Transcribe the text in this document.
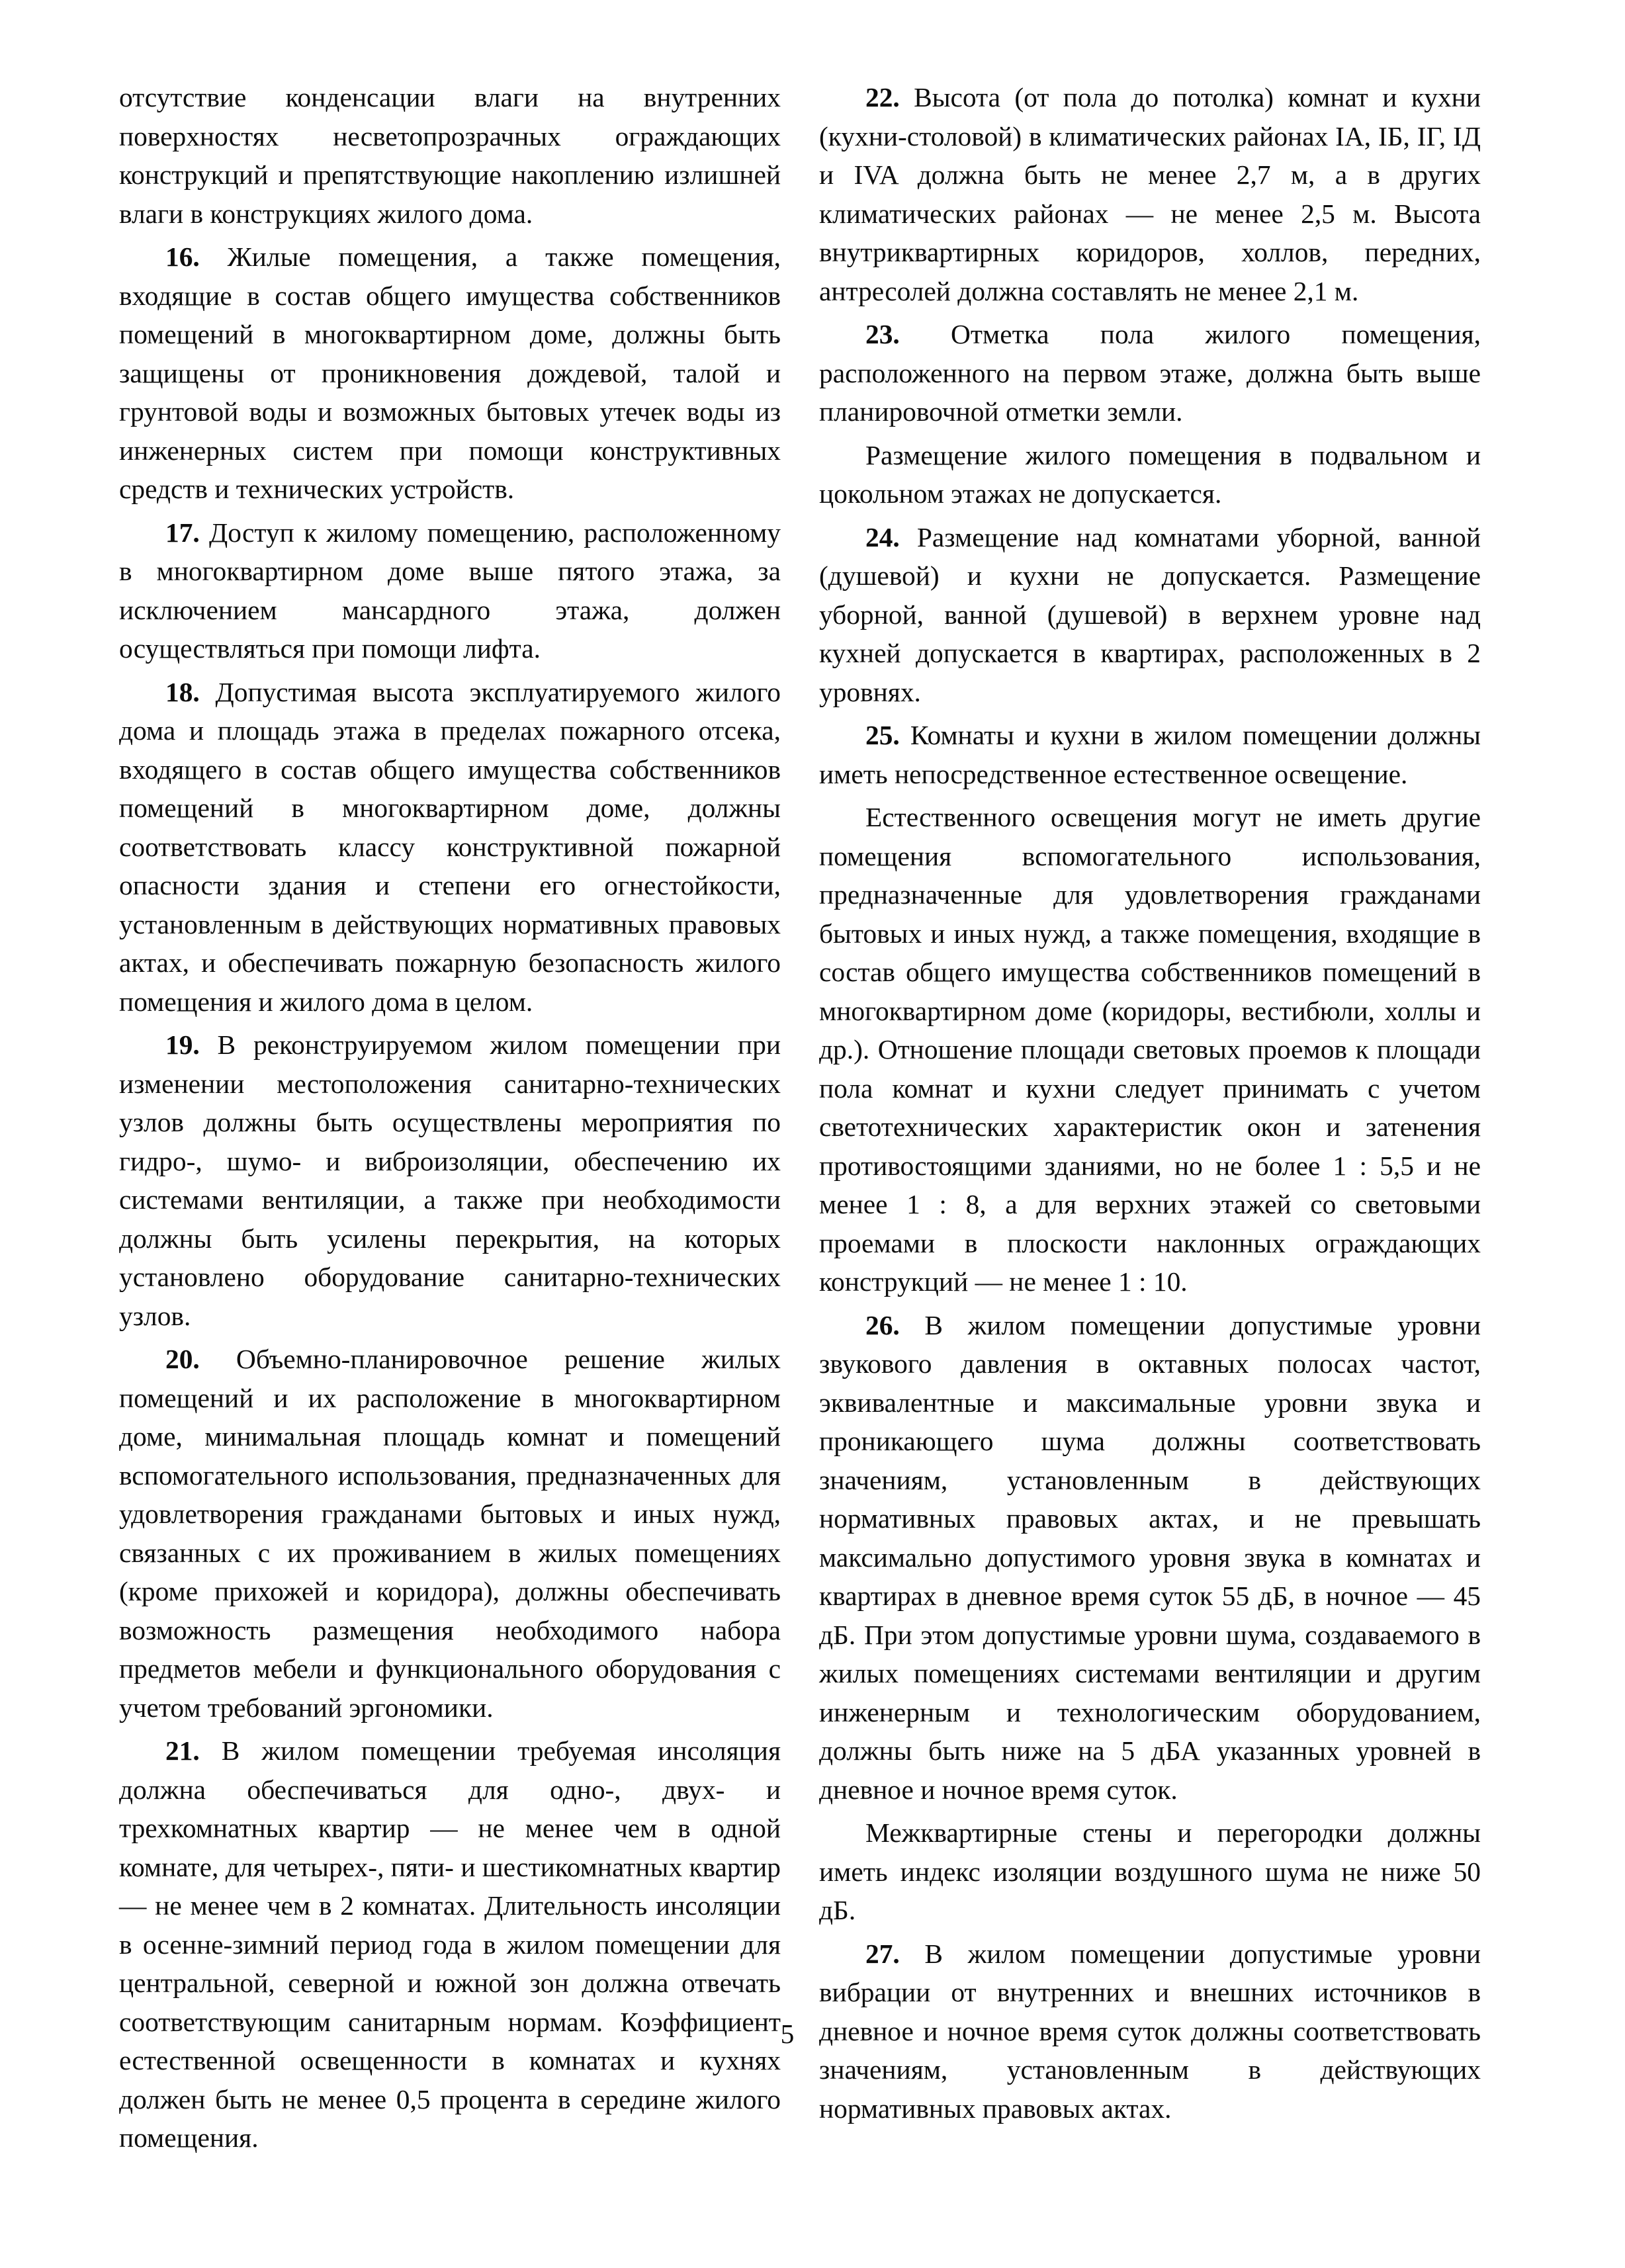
отсутствие конденсации влаги на внутренних поверхностях несветопрозрачных ограждающих конструкций и препятствующие накоплению излишней влаги в конструкциях жилого дома.

16. Жилые помещения, а также помещения, входящие в состав общего имущества собственников помещений в многоквартирном доме, должны быть защищены от проникновения дождевой, талой и грунтовой воды и возможных бытовых утечек воды из инженерных систем при помощи конструктивных средств и технических устройств.

17. Доступ к жилому помещению, расположенному в многоквартирном доме выше пятого этажа, за исключением мансардного этажа, должен осуществляться при помощи лифта.

18. Допустимая высота эксплуатируемого жилого дома и площадь этажа в пределах пожарного отсека, входящего в состав общего имущества собственников помещений в многоквартирном доме, должны соответствовать классу конструктивной пожарной опасности здания и степени его огнестойкости, установленным в действующих нормативных правовых актах, и обеспечивать пожарную безопасность жилого помещения и жилого дома в целом.

19. В реконструируемом жилом помещении при изменении местоположения санитарно-технических узлов должны быть осуществлены мероприятия по гидро-, шумо- и виброизоляции, обеспечению их системами вентиляции, а также при необходимости должны быть усилены перекрытия, на которых установлено оборудование санитарно-технических узлов.

20. Объемно-планировочное решение жилых помещений и их расположение в многоквартирном доме, минимальная площадь комнат и помещений вспомогательного использования, предназначенных для удовлетворения гражданами бытовых и иных нужд, связанных с их проживанием в жилых помещениях (кроме прихожей и коридора), должны обеспечивать возможность размещения необходимого набора предметов мебели и функционального оборудования с учетом требований эргономики.

21. В жилом помещении требуемая инсоляция должна обеспечиваться для одно-, двух- и трехкомнатных квартир — не менее чем в одной комнате, для четырех-, пяти- и шестикомнатных квартир — не менее чем в 2 комнатах. Длительность инсоляции в осенне-зимний период года в жилом помещении для центральной, северной и южной зон должна отвечать соответствующим санитарным нормам. Коэффициент естественной освещенности в комнатах и кухнях должен быть не менее 0,5 процента в середине жилого помещения.

22. Высота (от пола до потолка) комнат и кухни (кухни-столовой) в климатических районах IA, IБ, IГ, IД и IVA должна быть не менее 2,7 м, а в других климатических районах — не менее 2,5 м. Высота внутриквартирных коридоров, холлов, передних, антресолей должна составлять не менее 2,1 м.

23. Отметка пола жилого помещения, расположенного на первом этаже, должна быть выше планировочной отметки земли.

Размещение жилого помещения в подвальном и цокольном этажах не допускается.

24. Размещение над комнатами уборной, ванной (душевой) и кухни не допускается. Размещение уборной, ванной (душевой) в верхнем уровне над кухней допускается в квартирах, расположенных в 2 уровнях.

25. Комнаты и кухни в жилом помещении должны иметь непосредственное естественное освещение.

Естественного освещения могут не иметь другие помещения вспомогательного использования, предназначенные для удовлетворения гражданами бытовых и иных нужд, а также помещения, входящие в состав общего имущества собственников помещений в многоквартирном доме (коридоры, вестибюли, холлы и др.). Отношение площади световых проемов к площади пола комнат и кухни следует принимать с учетом светотехнических характеристик окон и затенения противостоящими зданиями, но не более 1 : 5,5 и не менее 1 : 8, а для верхних этажей со световыми проемами в плоскости наклонных ограждающих конструкций — не менее 1 : 10.

26. В жилом помещении допустимые уровни звукового давления в октавных полосах частот, эквивалентные и максимальные уровни звука и проникающего шума должны соответствовать значениям, установленным в действующих нормативных правовых актах, и не превышать максимально допустимого уровня звука в комнатах и квартирах в дневное время суток 55 дБ, в ночное — 45 дБ. При этом допустимые уровни шума, создаваемого в жилых помещениях системами вентиляции и другим инженерным и технологическим оборудованием, должны быть ниже на 5 дБА указанных уровней в дневное и ночное время суток.

Межквартирные стены и перегородки должны иметь индекс изоляции воздушного шума не ниже 50 дБ.

27. В жилом помещении допустимые уровни вибрации от внутренних и внешних источников в дневное и ночное время суток должны соответствовать значениям, установленным в действующих нормативных правовых актах.

5
